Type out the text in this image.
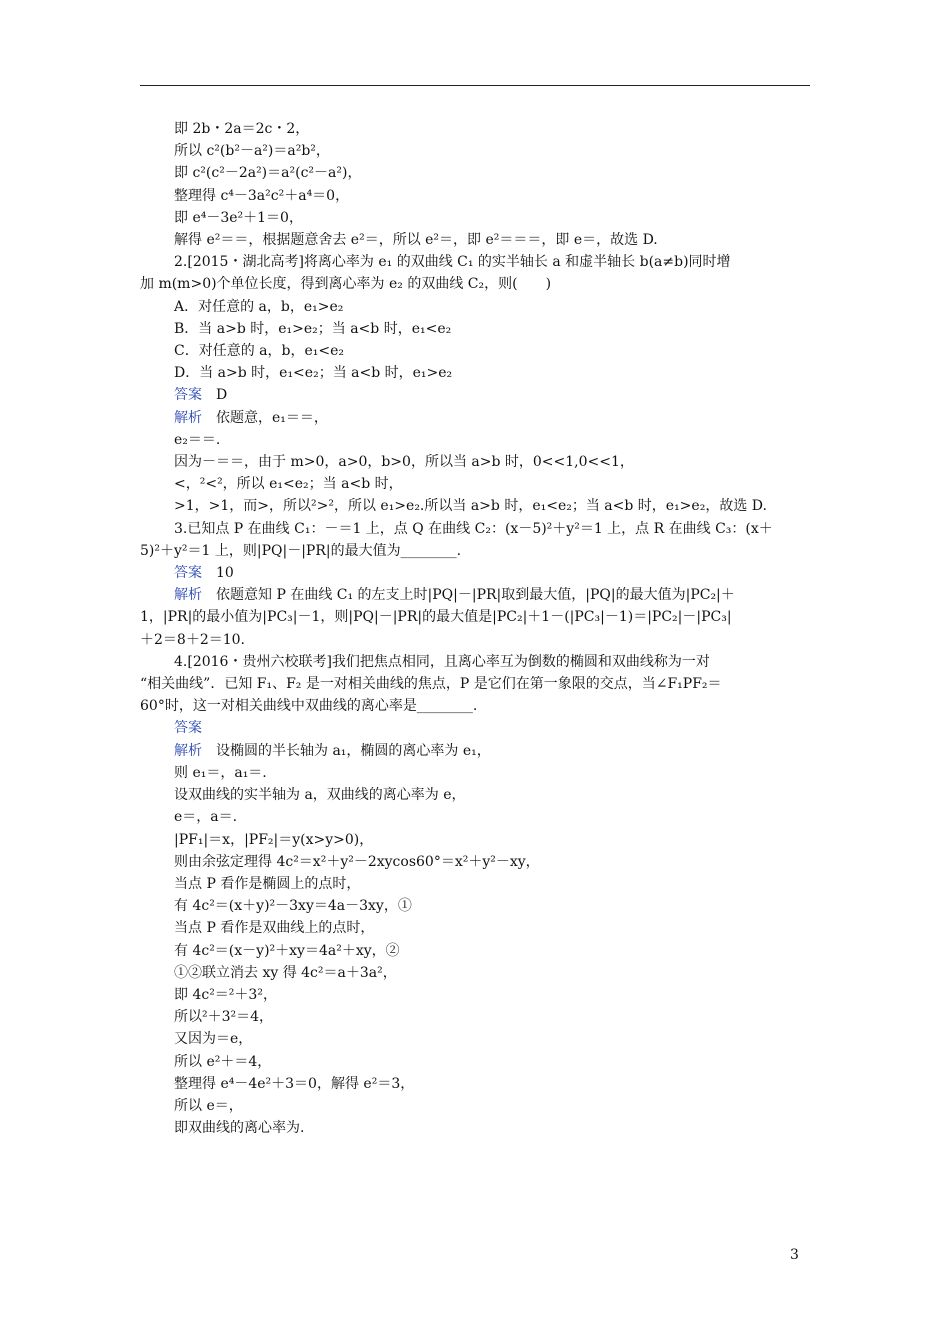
即 2b・2a＝2c・2，
所以 c²(b²－a²)＝a²b²，
即 c²(c²－2a²)＝a²(c²－a²)，
整理得 c⁴－3a²c²＋a⁴＝0，
即 e⁴－3e²＋1＝0，
解得 e²＝＝，根据题意舍去 e²＝，所以 e²＝，即 e²＝＝＝，即 e＝，故选 D.
2.[2015・湖北高考]将离心率为 e₁ 的双曲线 C₁ 的实半轴长 a 和虚半轴长 b(a≠b)同时增
加 m(m>0)个单位长度，得到离心率为 e₂ 的双曲线 C₂，则(　　)
A．对任意的 a，b，e₁>e₂
B．当 a>b 时，e₁>e₂；当 a<b 时，e₁<e₂
C．对任意的 a，b，e₁<e₂
D．当 a>b 时，e₁<e₂；当 a<b 时，e₁>e₂
答案　D
解析　依题意，e₁＝＝，
e₂＝＝.
因为－＝＝，由于 m>0，a>0，b>0，所以当 a>b 时，0<<1,0<<1，
<，²<²，所以 e₁<e₂；当 a<b 时，
>1，>1，而>，所以²>²，所以 e₁>e₂.所以当 a>b 时，e₁<e₂；当 a<b 时，e₁>e₂，故选 D.
3.已知点 P 在曲线 C₁：－＝1 上，点 Q 在曲线 C₂：(x－5)²＋y²＝1 上，点 R 在曲线 C₃：(x＋
5)²＋y²＝1 上，则|PQ|－|PR|的最大值为________.
答案　10
解析　依题意知 P 在曲线 C₁ 的左支上时|PQ|－|PR|取到最大值，|PQ|的最大值为|PC₂|＋
1，|PR|的最小值为|PC₃|－1，则|PQ|－|PR|的最大值是|PC₂|＋1－(|PC₃|－1)＝|PC₂|－|PC₃|
＋2＝8＋2＝10.
4.[2016・贵州六校联考]我们把焦点相同，且离心率互为倒数的椭圆和双曲线称为一对
“相关曲线”．已知 F₁、F₂ 是一对相关曲线的焦点，P 是它们在第一象限的交点，当∠F₁PF₂＝
60°时，这一对相关曲线中双曲线的离心率是________.
答案
解析　设椭圆的半长轴为 a₁，椭圆的离心率为 e₁，
则 e₁＝，a₁＝.
设双曲线的实半轴为 a，双曲线的离心率为 e，
e＝，a＝.
|PF₁|＝x，|PF₂|＝y(x>y>0)，
则由余弦定理得 4c²＝x²＋y²－2xycos60°＝x²＋y²－xy，
当点 P 看作是椭圆上的点时，
有 4c²＝(x＋y)²－3xy＝4a－3xy，①
当点 P 看作是双曲线上的点时，
有 4c²＝(x－y)²＋xy＝4a²＋xy，②
①②联立消去 xy 得 4c²＝a＋3a²，
即 4c²＝²＋3²，
所以²＋3²＝4，
又因为＝e，
所以 e²＋＝4，
整理得 e⁴－4e²＋3＝0，解得 e²＝3，
所以 e＝，
即双曲线的离心率为.
3
